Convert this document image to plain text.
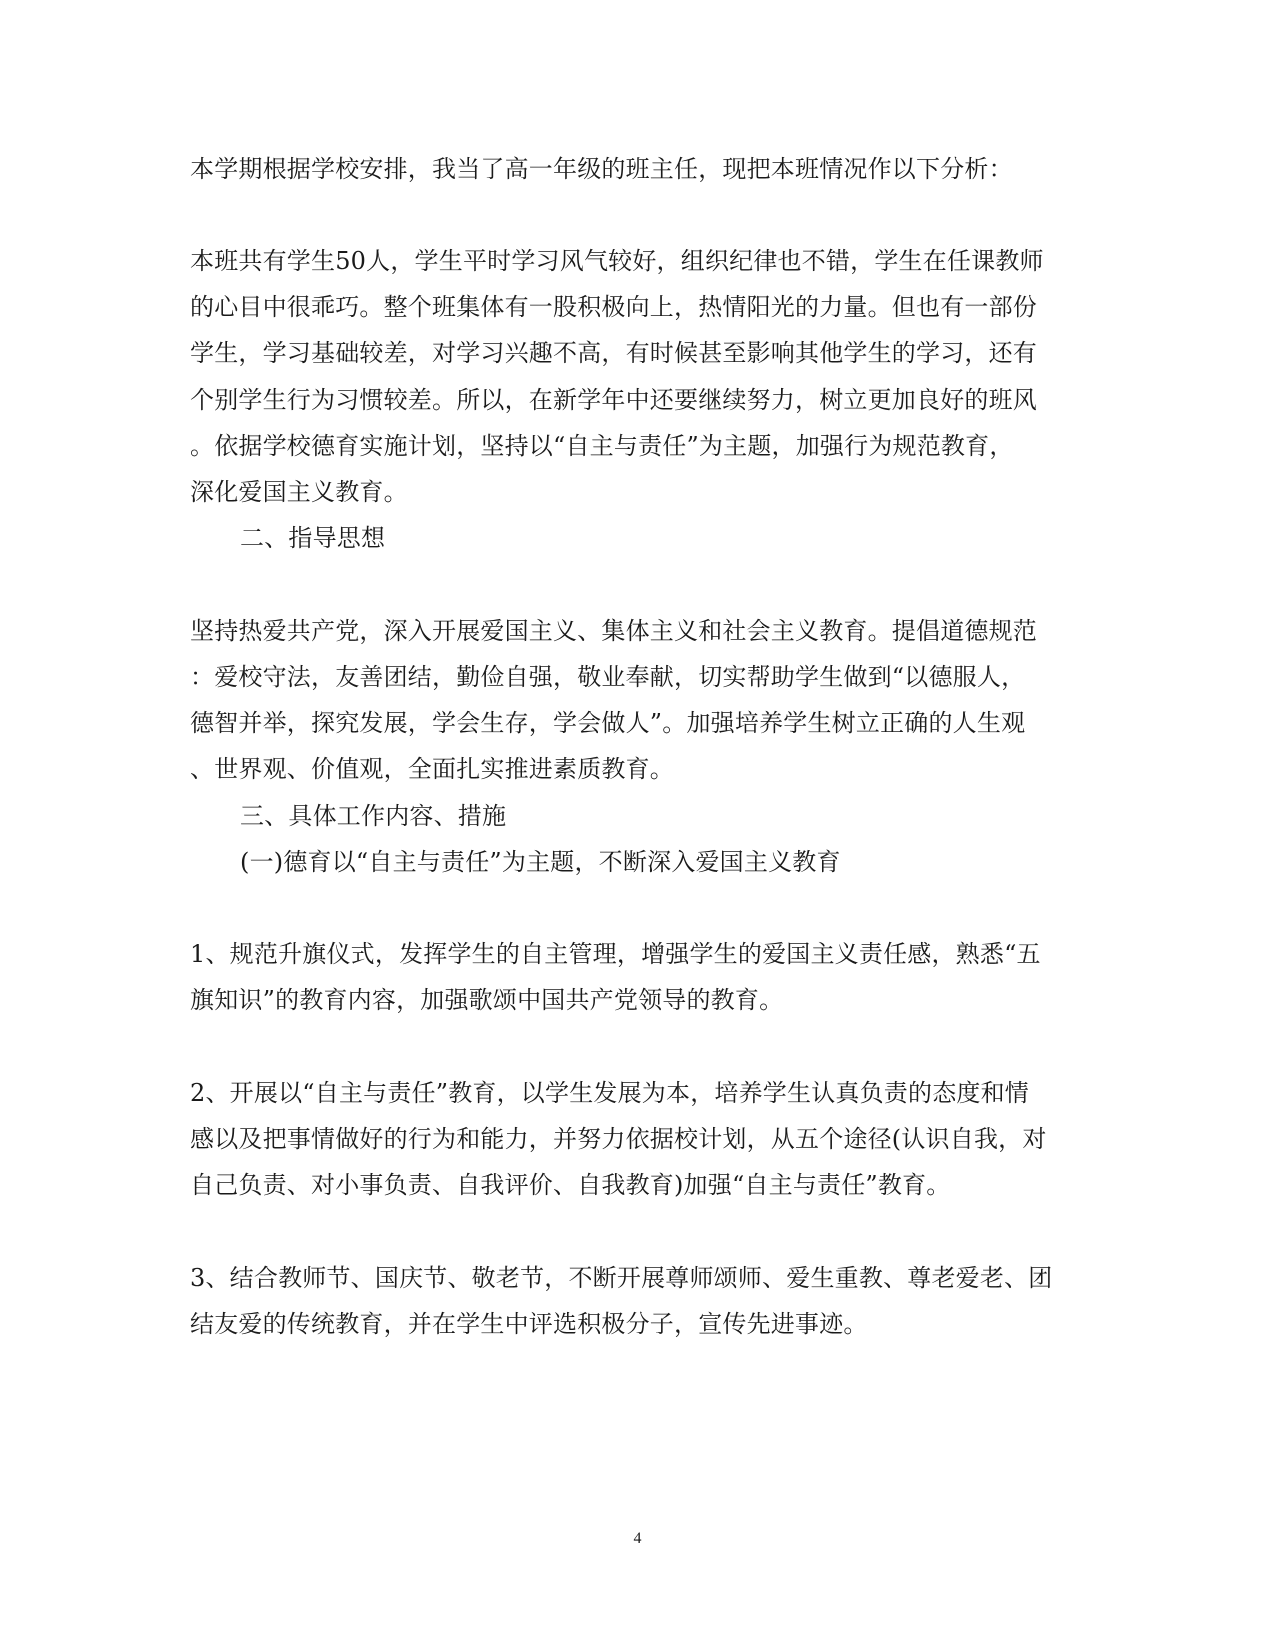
本学期根据学校安排，我当了高一年级的班主任，现把本班情况作以下分析：
本班共有学生50人，学生平时学习风气较好，组织纪律也不错，学生在任课教师
的心目中很乖巧。整个班集体有一股积极向上，热情阳光的力量。但也有一部份
学生，学习基础较差，对学习兴趣不高，有时候甚至影响其他学生的学习，还有
个别学生行为习惯较差。所以，在新学年中还要继续努力，树立更加良好的班风
。依据学校德育实施计划，坚持以“自主与责任”为主题，加强行为规范教育，
深化爱国主义教育。
二、指导思想
坚持热爱共产党，深入开展爱国主义、集体主义和社会主义教育。提倡道德规范
：爱校守法，友善团结，勤俭自强，敬业奉献，切实帮助学生做到“以德服人，
德智并举，探究发展，学会生存，学会做人”。加强培养学生树立正确的人生观
、世界观、价值观，全面扎实推进素质教育。
三、具体工作内容、措施
(一)德育以“自主与责任”为主题，不断深入爱国主义教育
1、规范升旗仪式，发挥学生的自主管理，增强学生的爱国主义责任感，熟悉“五
旗知识”的教育内容，加强歌颂中国共产党领导的教育。
2、开展以“自主与责任”教育，以学生发展为本，培养学生认真负责的态度和情
感以及把事情做好的行为和能力，并努力依据校计划，从五个途径(认识自我，对
自己负责、对小事负责、自我评价、自我教育)加强“自主与责任”教育。
3、结合教师节、国庆节、敬老节，不断开展尊师颂师、爱生重教、尊老爱老、团
结友爱的传统教育，并在学生中评选积极分子，宣传先进事迹。
4
